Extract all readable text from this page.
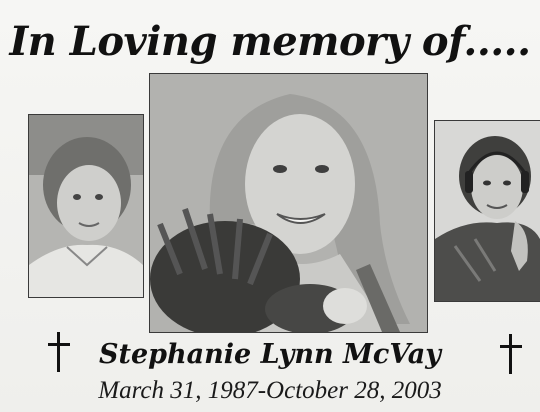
In Loving memory of.....
Stephanie Lynn McVay
March 31, 1987-October 28, 2003
